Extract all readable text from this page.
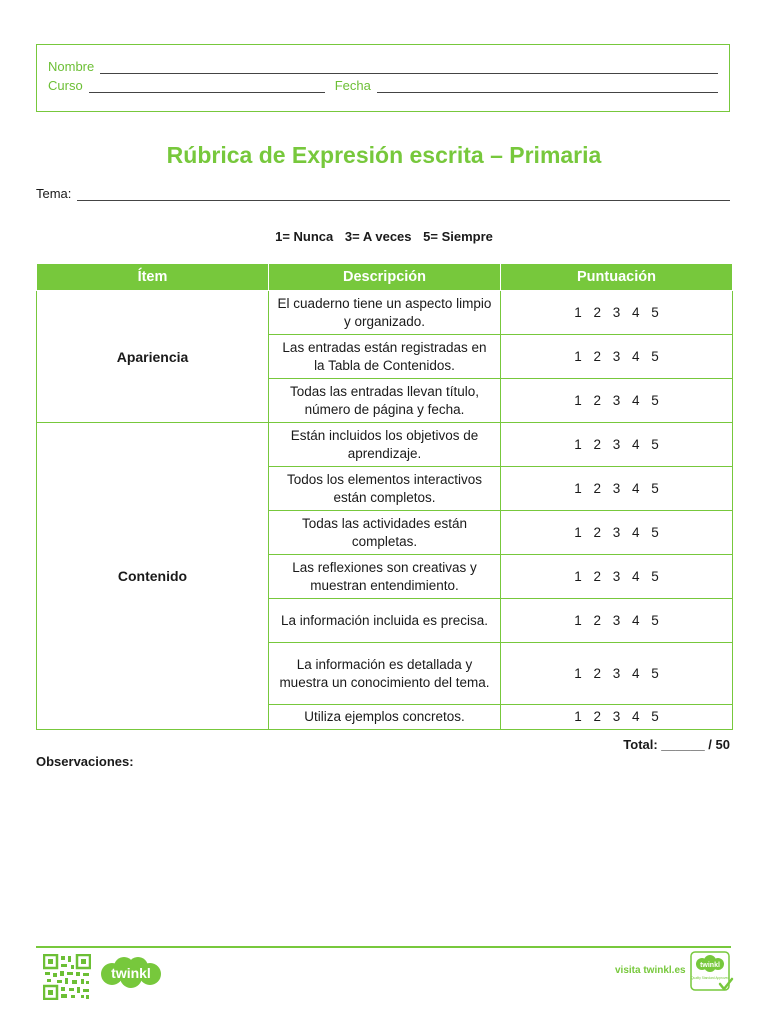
Nombre
Curso	Fecha
Rúbrica de Expresión escrita – Primaria
Tema:
1= Nunca 3= A veces 5= Siempre
Ítem	Descripción	Puntuación
Apariencia	El cuaderno tiene un aspecto limpio y organizado.	1 2 3 4 5
	Las entradas están registradas en la Tabla de Contenidos.	1 2 3 4 5
	Todas las entradas llevan título, número de página y fecha.	1 2 3 4 5
Contenido	Están incluidos los objetivos de aprendizaje.	1 2 3 4 5
	Todos los elementos interactivos están completos.	1 2 3 4 5
	Todas las actividades están completas.	1 2 3 4 5
	Las reflexiones son creativas y muestran entendimiento.	1 2 3 4 5
	La información incluida es precisa.	1 2 3 4 5
	La información es detallada y muestra un conocimiento del tema.	1 2 3 4 5
	Utiliza ejemplos concretos.	1 2 3 4 5
Total: ______ / 50
Observaciones:
twinkl	visita twinkl.es twinkl
Quality Standard Approved
